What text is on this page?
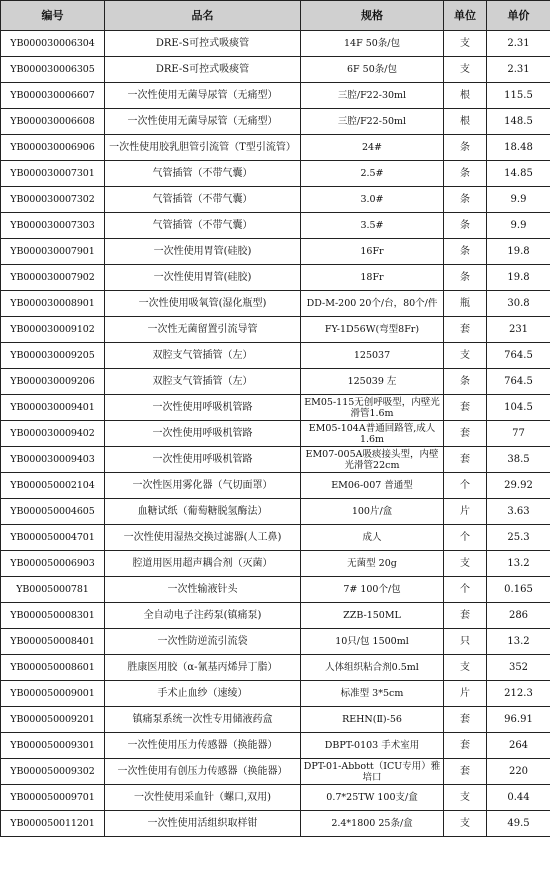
编号	品名	规格	单位	单价
YB000030006304	DRE-S可控式吸痰管	14F 50条/包	支	2.31
YB000030006305	DRE-S可控式吸痰管	6F 50条/包	支	2.31
YB000030006607	一次性使用无菌导尿管（无痛型）	三腔/F22-30ml	根	115.5
YB000030006608	一次性使用无菌导尿管（无痛型）	三腔/F22-50ml	根	148.5
YB000030006906	一次性使用胶乳胆管引流管（T型引流管）	24#	条	18.48
YB000030007301	气管插管（不带气囊）	2.5#	条	14.85
YB000030007302	气管插管（不带气囊）	3.0#	条	9.9
YB000030007303	气管插管（不带气囊）	3.5#	条	9.9
YB000030007901	一次性使用胃管(硅胶)	16Fr	条	19.8
YB000030007902	一次性使用胃管(硅胶)	18Fr	条	19.8
YB000030008901	一次性使用吸氧管(湿化瓶型)	DD-M-200 20个/台，80个/件	瓶	30.8
YB000030009102	一次性无菌留置引流导管	FY-1D56W(弯型8Fr)	套	231
YB000030009205	双腔支气管插管（左）	125037	支	764.5
YB000030009206	双腔支气管插管（左）	125039 左	条	764.5
YB000030009401	一次性使用呼吸机管路	EM05-115无创呼吸型，内壁光滑管1.6m	套	104.5
YB000030009402	一次性使用呼吸机管路	EM05-104A普通回路管,成人1.6m	套	77
YB000030009403	一次性使用呼吸机管路	EM07-005A吸痰接头型，内壁光滑管22cm	套	38.5
YB000050002104	一次性医用雾化器（气切面罩）	EM06-007 普通型	个	29.92
YB000050004605	血糖试纸（葡萄糖脱氢酶法）	100片/盒	片	3.63
YB000050004701	一次性使用湿热交换过滤器(人工鼻)	成人	个	25.3
YB000050006903	腔道用医用超声耦合剂（灭菌）	无菌型 20g	支	13.2
YB0005000781	一次性输液针头	7# 100个/包	个	0.165
YB000050008301	全自动电子注药泵(镇痛泵)	ZZB-150ML	套	286
YB000050008401	一次性防逆流引流袋	10只/包 1500ml	只	13.2
YB000050008601	胜康医用胶（α-氰基丙烯异丁脂）	人体组织粘合剂0.5ml	支	352
YB000050009001	手术止血纱（速绫）	标准型 3*5cm	片	212.3
YB000050009201	镇痛泵系统一次性专用储液药盒	REHN(Ⅱ)-56	套	96.91
YB000050009301	一次性使用压力传感器（换能器）	DBPT-0103 手术室用	套	264
YB000050009302	一次性使用有创压力传感器（换能器）	DPT-01-Abbott（ICU专用）雅培口	套	220
YB000050009701	一次性使用采血针（螺口,双用)	0.7*25TW 100支/盒	支	0.44
YB000050011201	一次性使用活组织取样钳	2.4*1800 25条/盒	支	49.5
